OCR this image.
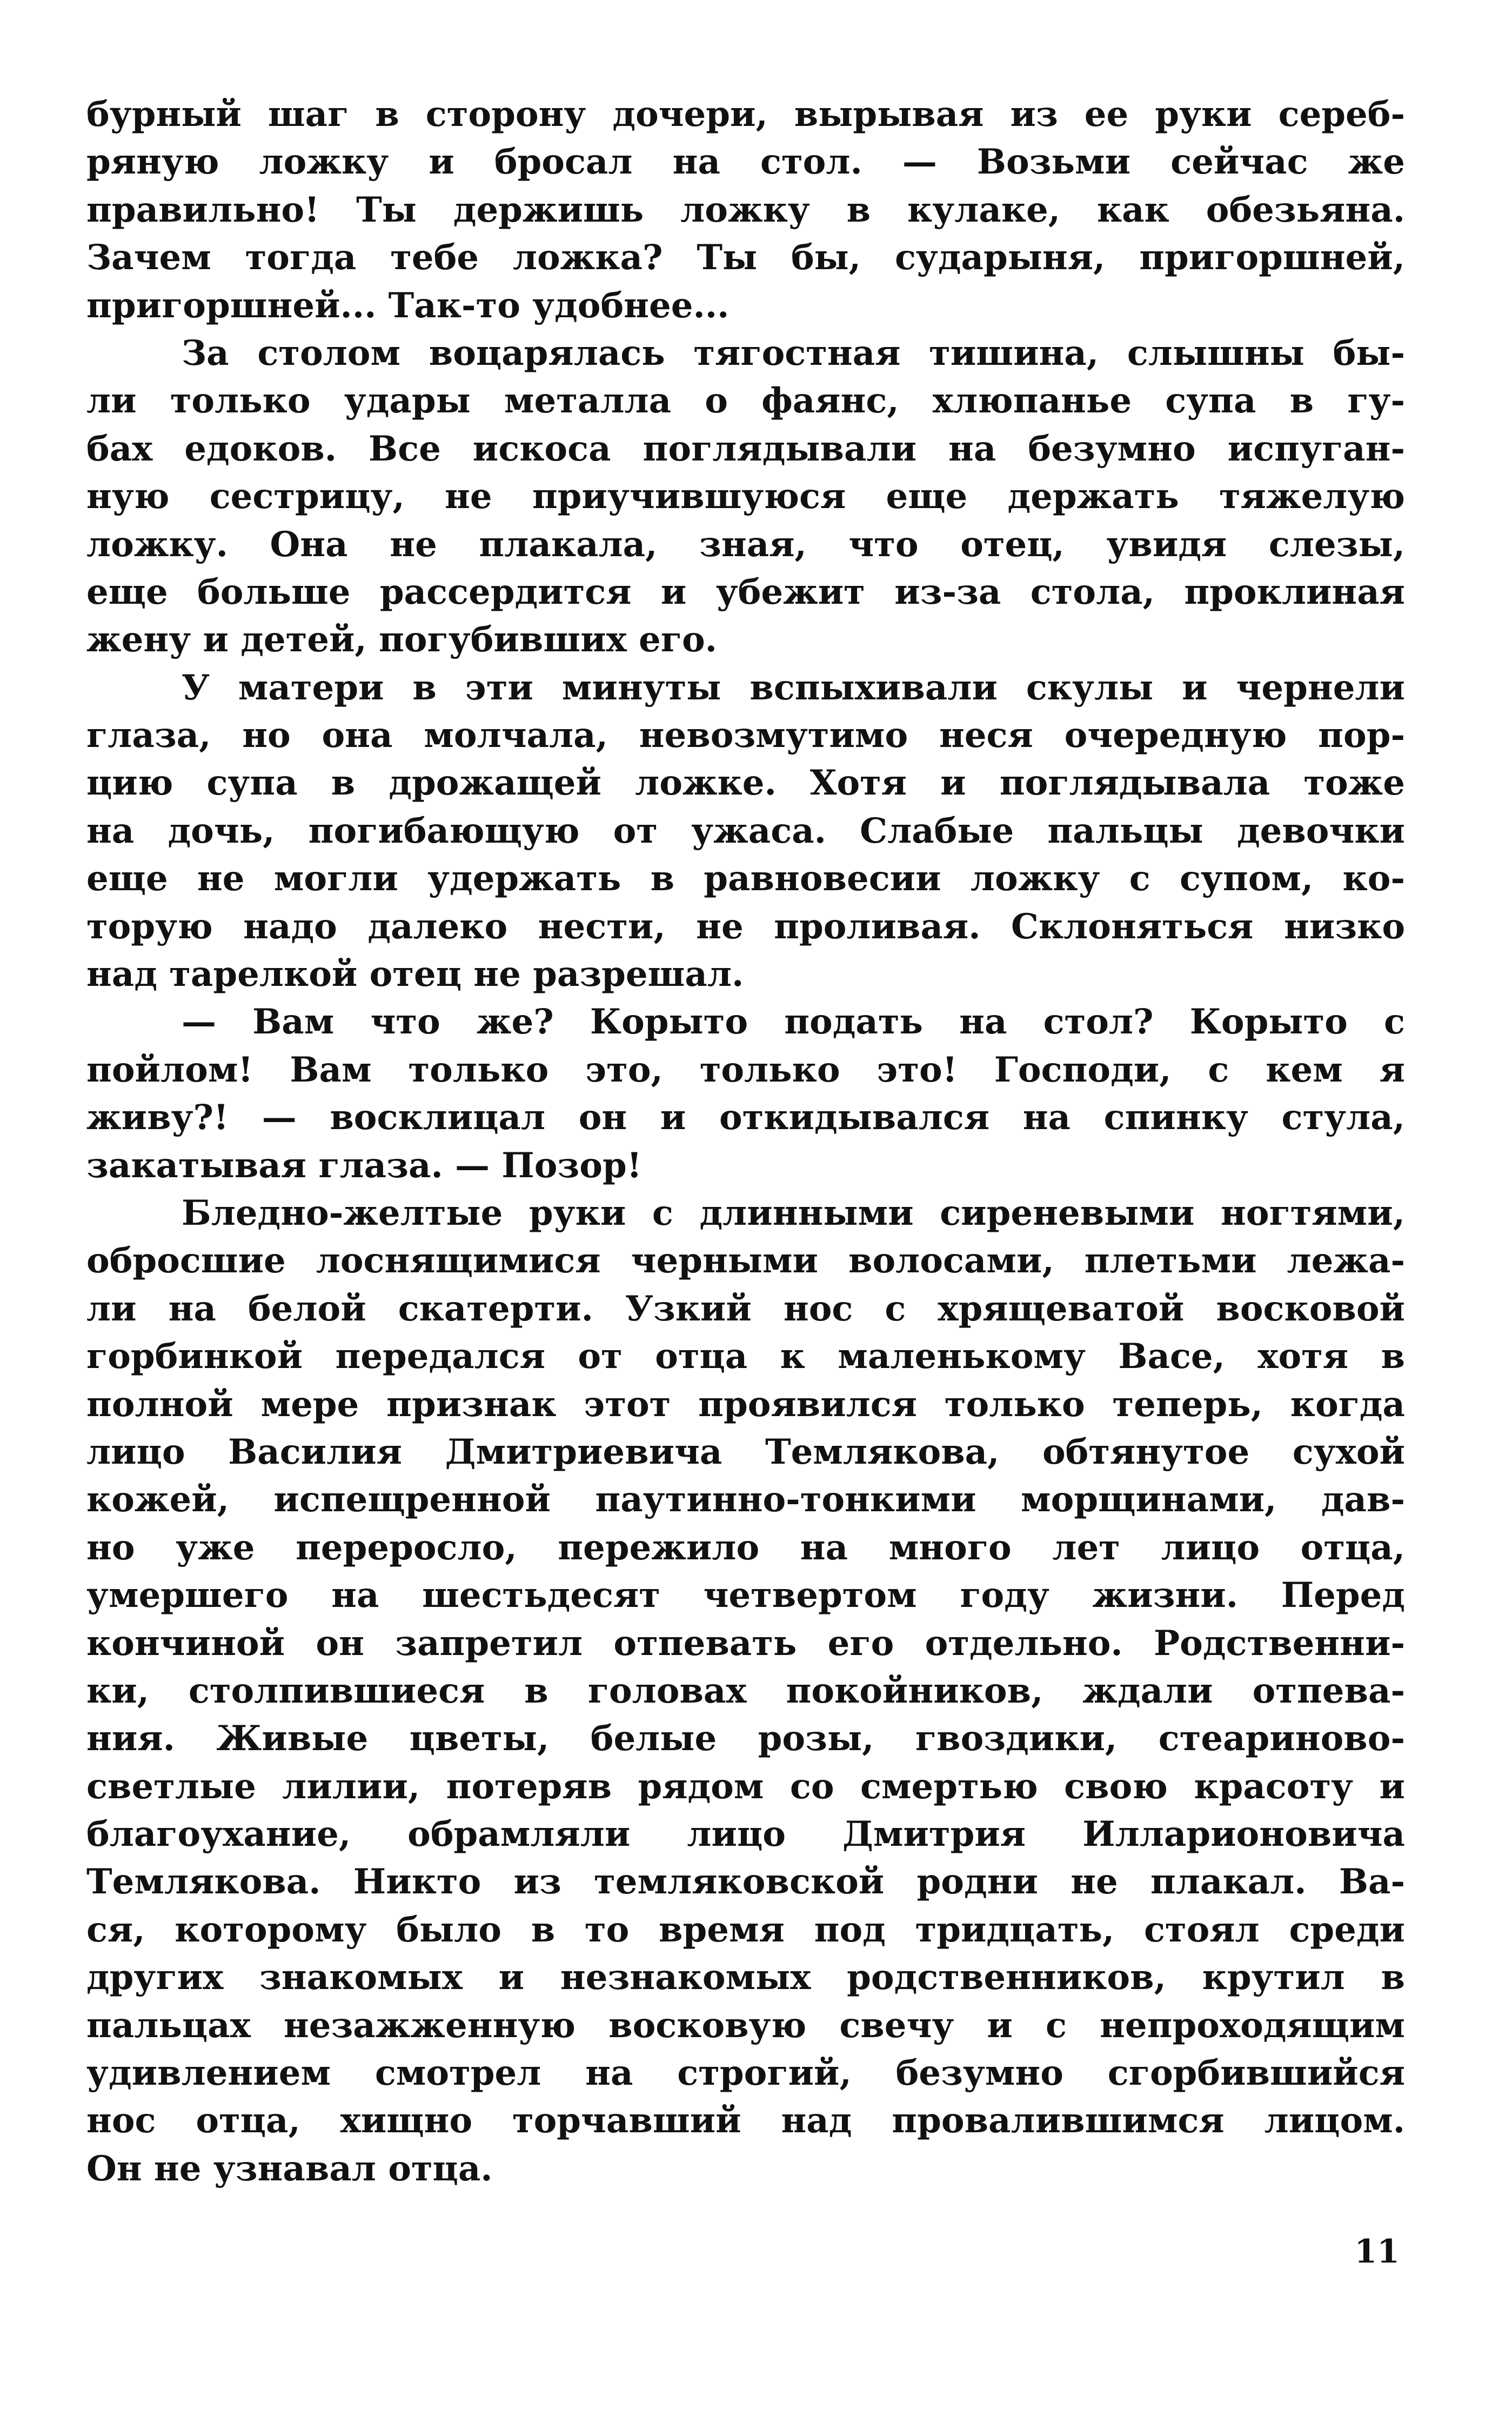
бурный шаг в сторону дочери, вырывая из ее руки сереб-
ряную ложку и бросал на стол. — Возьми сейчас же
правильно! Ты держишь ложку в кулаке, как обезьяна.
Зачем тогда тебе ложка? Ты бы, сударыня, пригоршней,
пригоршней... Так-то удобнее...
За столом воцарялась тягостная тишина, слышны бы-
ли только удары металла о фаянс, хлюпанье супа в гу-
бах едоков. Все искоса поглядывали на безумно испуган-
ную сестрицу, не приучившуюся еще держать тяжелую
ложку. Она не плакала, зная, что отец, увидя слезы,
еще больше рассердится и убежит из-за стола, проклиная
жену и детей, погубивших его.
У матери в эти минуты вспыхивали скулы и чернели
глаза, но она молчала, невозмутимо неся очередную пор-
цию супа в дрожащей ложке. Хотя и поглядывала тоже
на дочь, погибающую от ужаса. Слабые пальцы девочки
еще не могли удержать в равновесии ложку с супом, ко-
торую надо далеко нести, не проливая. Склоняться низко
над тарелкой отец не разрешал.
— Вам что же? Корыто подать на стол? Корыто с
пойлом! Вам только это, только это! Господи, с кем я
живу?! — восклицал он и откидывался на спинку стула,
закатывая глаза. — Позор!
Бледно-желтые руки с длинными сиреневыми ногтями,
обросшие лоснящимися черными волосами, плетьми лежа-
ли на белой скатерти. Узкий нос с хрящеватой восковой
горбинкой передался от отца к маленькому Васе, хотя в
полной мере признак этот проявился только теперь, когда
лицо Василия Дмитриевича Темлякова, обтянутое сухой
кожей, испещренной паутинно-тонкими морщинами, дав-
но уже переросло, пережило на много лет лицо отца,
умершего на шестьдесят четвертом году жизни. Перед
кончиной он запретил отпевать его отдельно. Родственни-
ки, столпившиеся в головах покойников, ждали отпева-
ния. Живые цветы, белые розы, гвоздики, стеариново-
светлые лилии, потеряв рядом со смертью свою красоту и
благоухание, обрамляли лицо Дмитрия Илларионовича
Темлякова. Никто из темляковской родни не плакал. Ва-
ся, которому было в то время под тридцать, стоял среди
других знакомых и незнакомых родственников, крутил в
пальцах незажженную восковую свечу и с непроходящим
удивлением смотрел на строгий, безумно сгорбившийся
нос отца, хищно торчавший над провалившимся лицом.
Он не узнавал отца.
11
